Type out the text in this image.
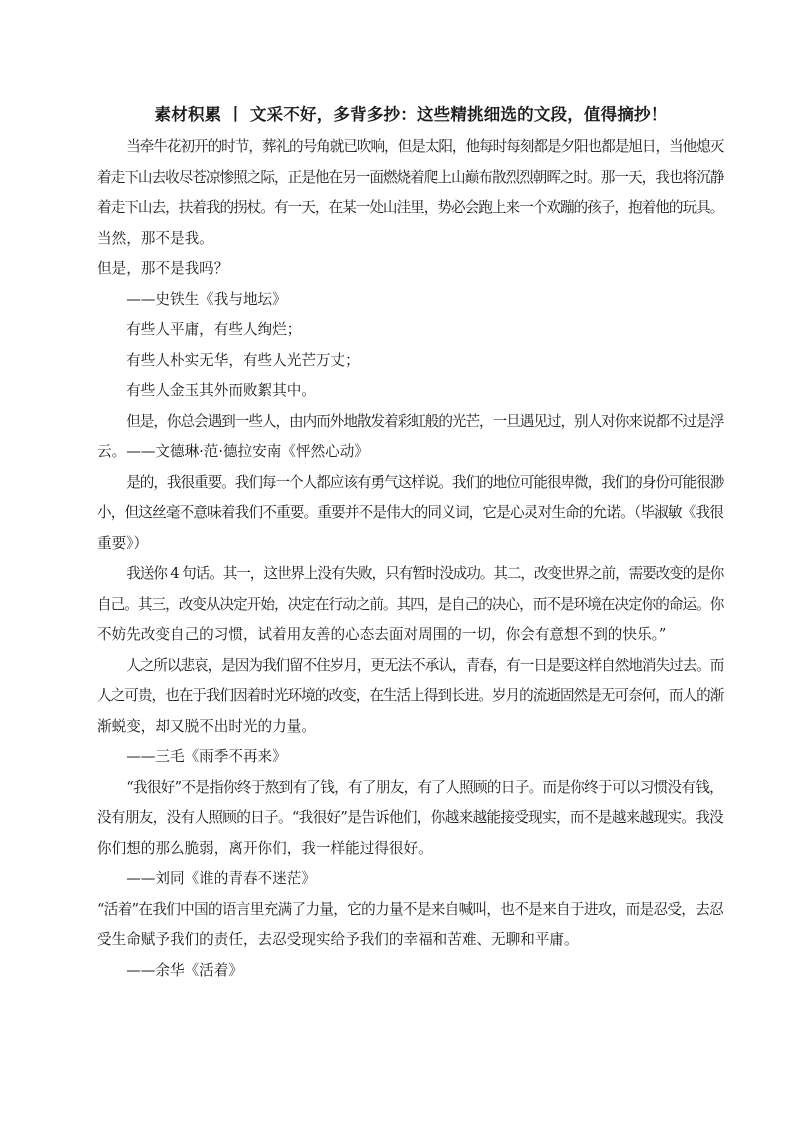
素材积累 丨 文采不好，多背多抄：这些精挑细选的文段，值得摘抄！
当牵牛花初开的时节，葬礼的号角就已吹响，但是太阳，他每时每刻都是夕阳也都是旭日，当他熄灭
着走下山去收尽苍凉惨照之际，正是他在另一面燃烧着爬上山巅布散烈烈朝晖之时。那一天，我也将沉静
着走下山去，扶着我的拐杖。有一天，在某一处山洼里，势必会跑上来一个欢蹦的孩子，抱着他的玩具。
当然，那不是我。
但是，那不是我吗？
——史铁生《我与地坛》
有些人平庸，有些人绚烂；
有些人朴实无华，有些人光芒万丈；
有些人金玉其外而败絮其中。
但是，你总会遇到一些人，由内而外地散发着彩虹般的光芒，一旦遇见过，别人对你来说都不过是浮
云。——文德琳·范·德拉安南《怦然心动》
是的，我很重要。我们每一个人都应该有勇气这样说。我们的地位可能很卑微，我们的身份可能很渺
小，但这丝毫不意味着我们不重要。重要并不是伟大的同义词，它是心灵对生命的允诺。（毕淑敏《我很
重要》）
我送你 4 句话。其一，这世界上没有失败，只有暂时没成功。其二，改变世界之前，需要改变的是你
自己。其三，改变从决定开始，决定在行动之前。其四，是自己的决心，而不是环境在决定你的命运。你
不妨先改变自己的习惯，试着用友善的心态去面对周围的一切，你会有意想不到的快乐。”
人之所以悲哀，是因为我们留不住岁月，更无法不承认，青春，有一日是要这样自然地消失过去。而
人之可贵，也在于我们因着时光环境的改变，在生活上得到长进。岁月的流逝固然是无可奈何，而人的渐
渐蜕变，却又脱不出时光的力量。
——三毛《雨季不再来》
“我很好”不是指你终于熬到有了钱，有了朋友，有了人照顾的日子。而是你终于可以习惯没有钱，
没有朋友，没有人照顾的日子。“我很好”是告诉他们，你越来越能接受现实，而不是越来越现实。我没
你们想的那么脆弱，离开你们，我一样能过得很好。
——刘同《谁的青春不迷茫》
“活着”在我们中国的语言里充满了力量，它的力量不是来自喊叫，也不是来自于进攻，而是忍受，去忍
受生命赋予我们的责任，去忍受现实给予我们的幸福和苦难、无聊和平庸。
——余华《活着》
